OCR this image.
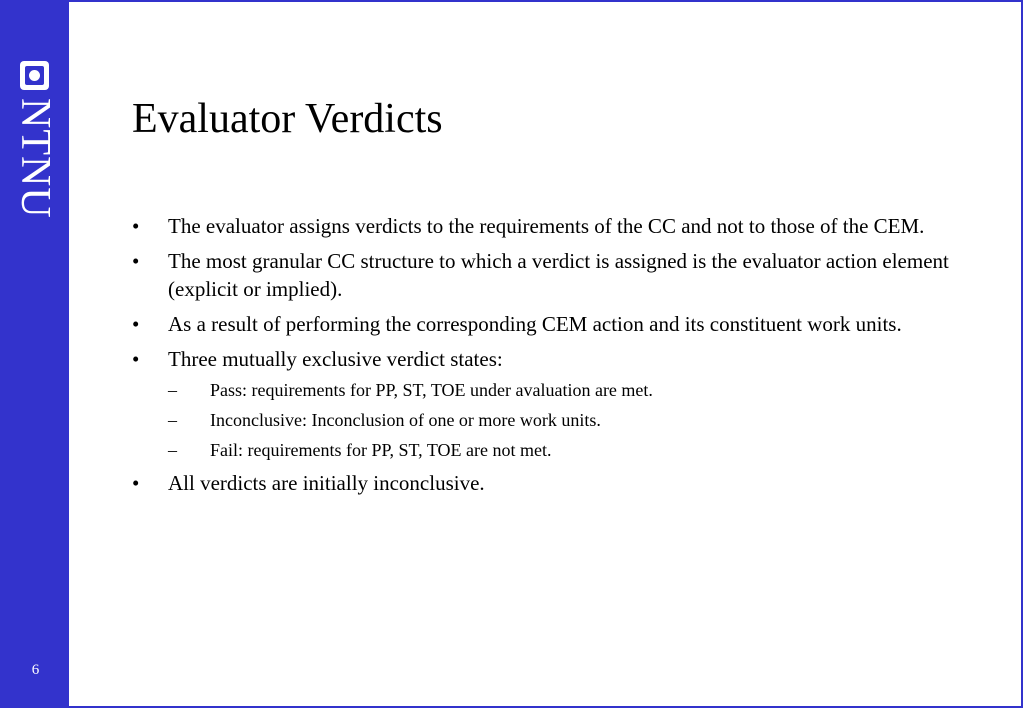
NTNU
6
Evaluator Verdicts
•	The evaluator assigns verdicts to the requirements of the CC and not to those of the CEM.
•	The most granular CC structure to which a verdict is assigned is the evaluator action element (explicit or implied).
•	As a result of performing the corresponding CEM action and its constituent work units.
•	Three mutually exclusive verdict states:
–	Pass: requirements for PP, ST, TOE under avaluation are met.
–	Inconclusive: Inconclusion of one or more work units.
–	Fail: requirements for PP, ST, TOE are not met.
•	All verdicts are initially inconclusive.
